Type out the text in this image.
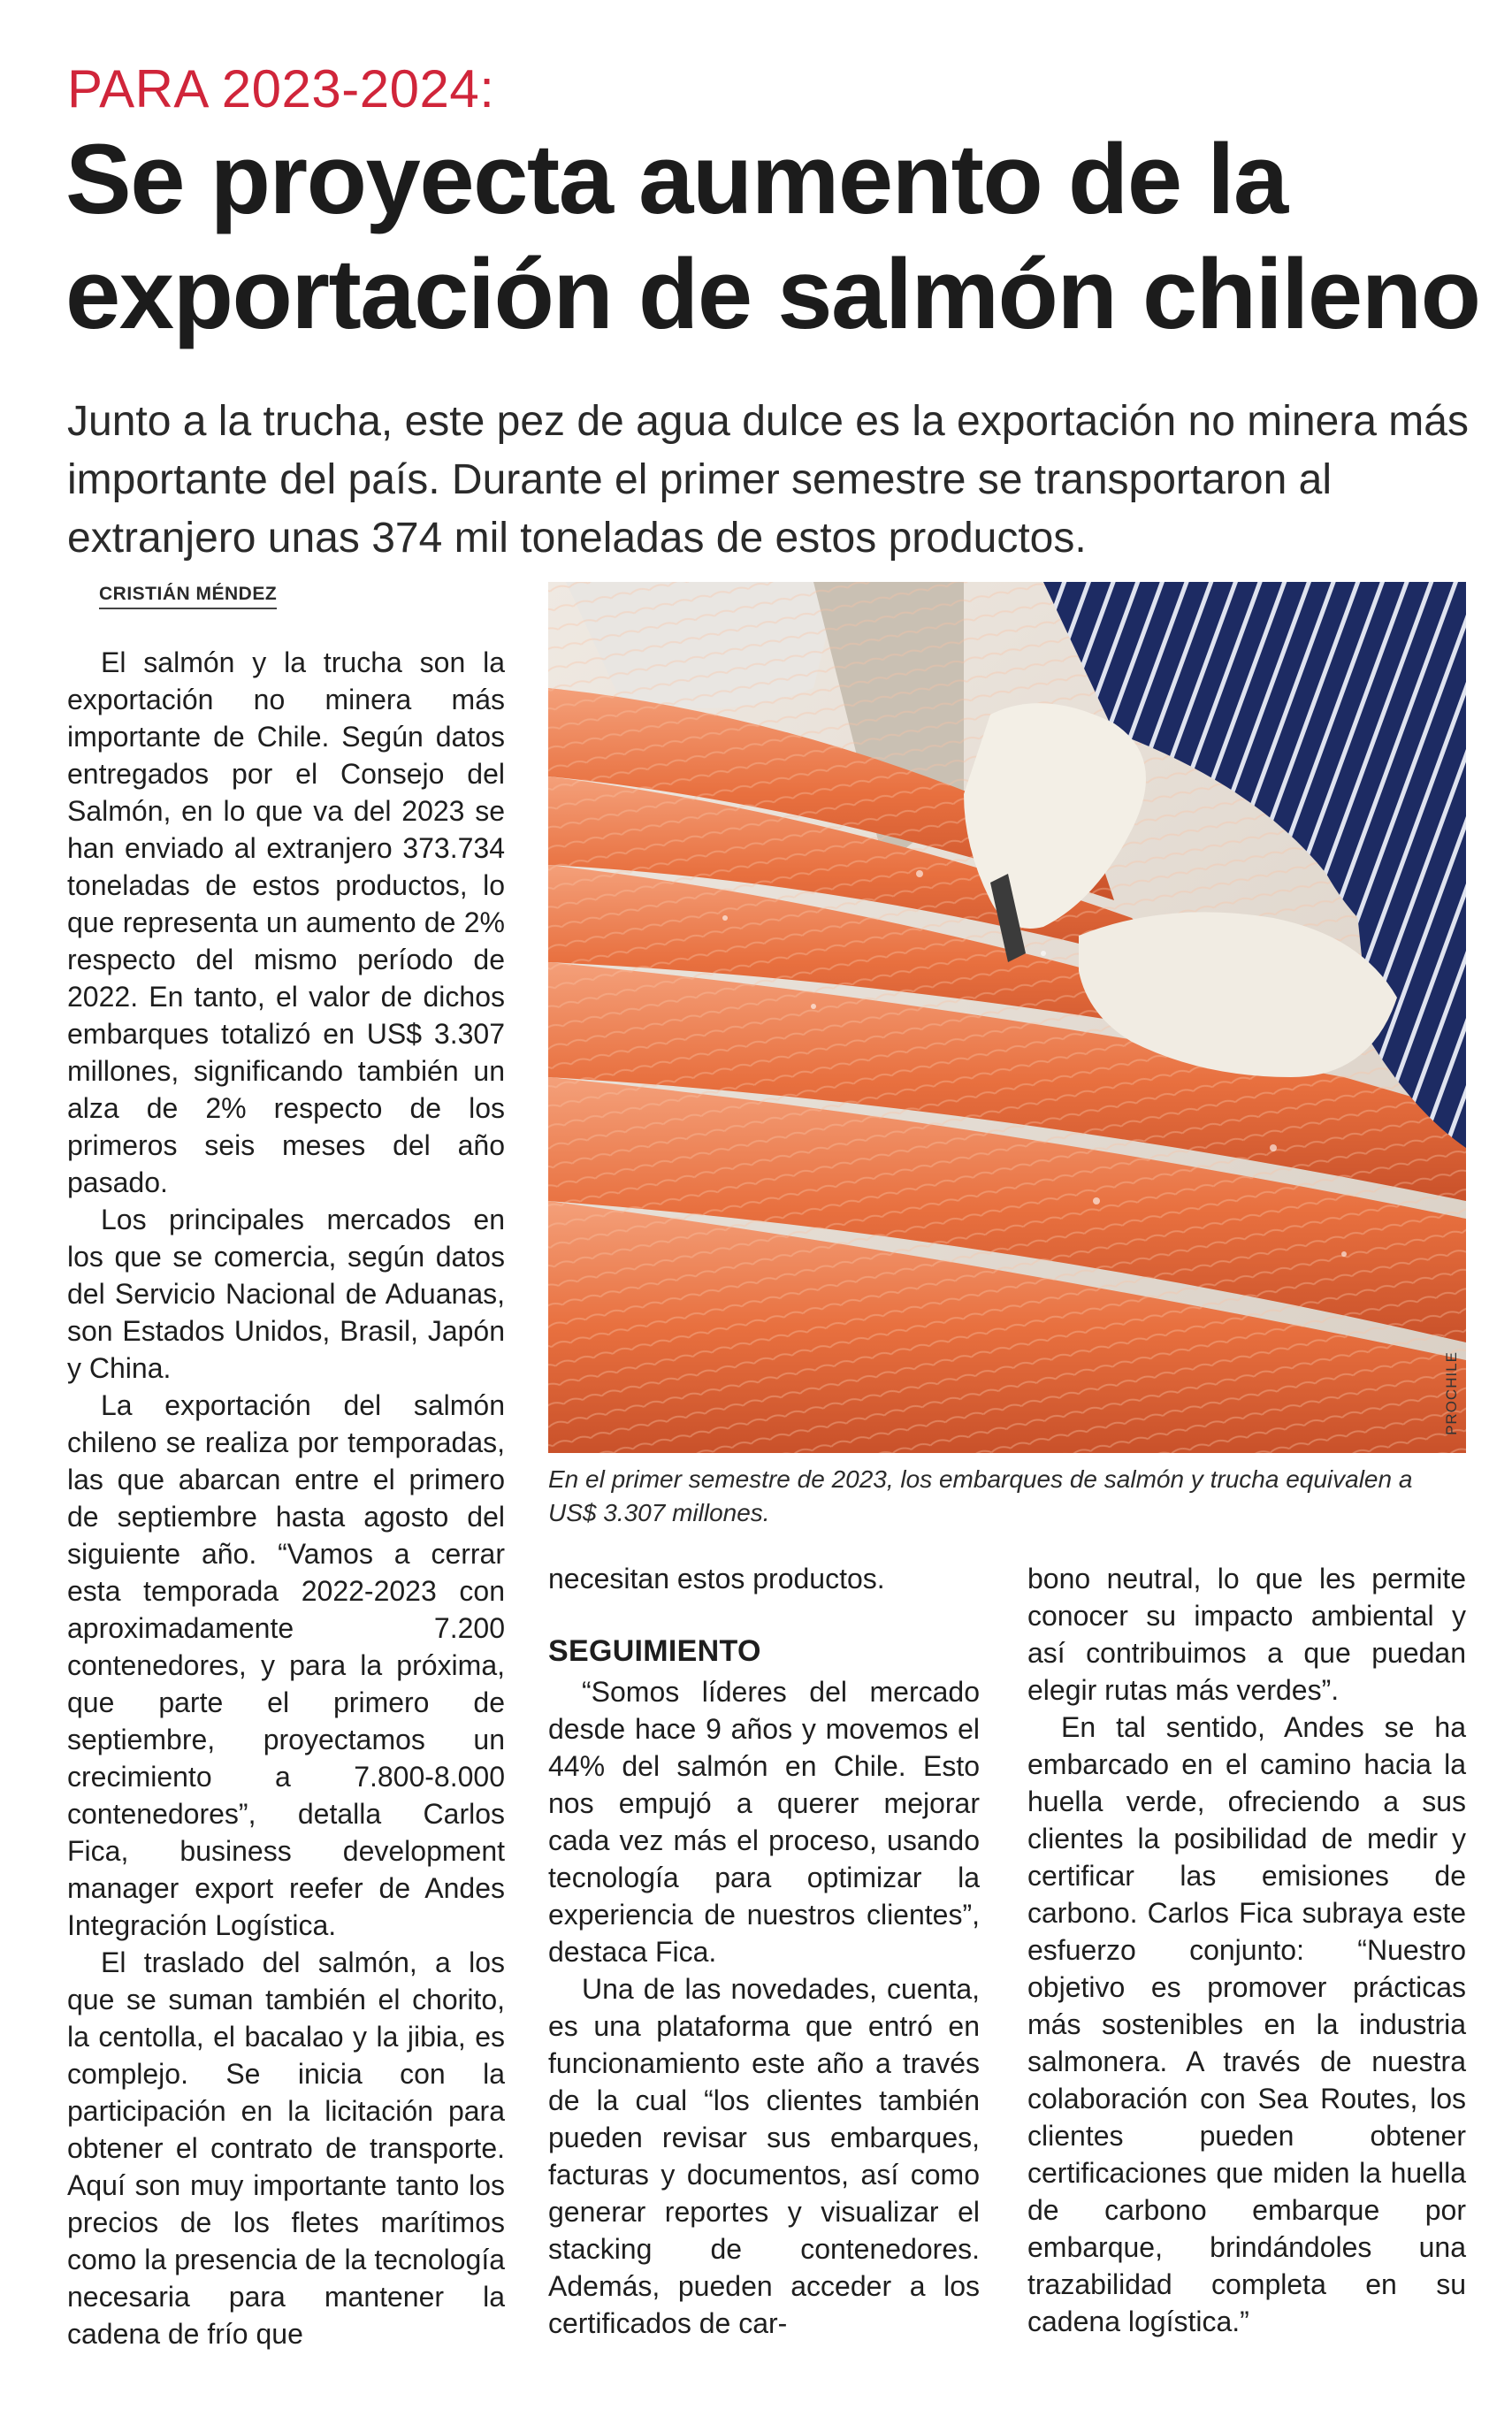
PARA 2023-2024:
Se proyecta aumento de la
exportación de salmón chileno
Junto a la trucha, este pez de agua dulce es la exportación no minera más importante del país. Durante el primer semestre se transportaron al extranjero unas 374 mil toneladas de estos productos.
CRISTIÁN MÉNDEZ

El salmón y la trucha son la exportación no minera más importante de Chile. Según datos entregados por el Consejo del Salmón, en lo que va del 2023 se han enviado al extranjero 373.734 toneladas de estos productos, lo que representa un aumento de 2% respecto del mismo período de 2022. En tanto, el valor de dichos embarques totalizó en US$ 3.307 millones, significando también un alza de 2% respecto de los primeros seis meses del año pasado.

Los principales mercados en los que se comercia, según datos del Servicio Nacional de Aduanas, son Estados Unidos, Brasil, Japón y China.

La exportación del salmón chileno se realiza por temporadas, las que abarcan entre el primero de septiembre hasta agosto del siguiente año. “Vamos a cerrar esta temporada 2022-2023 con aproximadamente 7.200 contenedores, y para la próxima, que parte el primero de septiembre, proyectamos un crecimiento a 7.800-8.000 contenedores”, detalla Carlos Fica, business development manager export reefer de Andes Integración Logística.

El traslado del salmón, a los que se suman también el chorito, la centolla, el bacalao y la jibia, es complejo. Se inicia con la participación en la licitación para obtener el contrato de transporte. Aquí son muy importante tanto los precios de los fletes marítimos como la presencia de la tecnología necesaria para mantener la cadena de frío que

PROCHILE
En el primer semestre de 2023, los embarques de salmón y trucha equivalen a US$ 3.307 millones.

necesitan estos productos.

SEGUIMIENTO

“Somos líderes del mercado desde hace 9 años y movemos el 44% del salmón en Chile. Esto nos empujó a querer mejorar cada vez más el proceso, usando tecnología para optimizar la experiencia de nuestros clientes”, destaca Fica.

Una de las novedades, cuenta, es una plataforma que entró en funcionamiento este año a través de la cual “los clientes también pueden revisar sus embarques, facturas y documentos, así como generar reportes y visualizar el stacking de contenedores. Además, pueden acceder a los certificados de car-

bono neutral, lo que les permite conocer su impacto ambiental y así contribuimos a que puedan elegir rutas más verdes”.

En tal sentido, Andes se ha embarcado en el camino hacia la huella verde, ofreciendo a sus clientes la posibilidad de medir y certificar las emisiones de carbono. Carlos Fica subraya este esfuerzo conjunto: “Nuestro objetivo es promover prácticas más sostenibles en la industria salmonera. A través de nuestra colaboración con Sea Routes, los clientes pueden obtener certificaciones que miden la huella de carbono embarque por embarque, brindándoles una trazabilidad completa en su cadena logística.”
